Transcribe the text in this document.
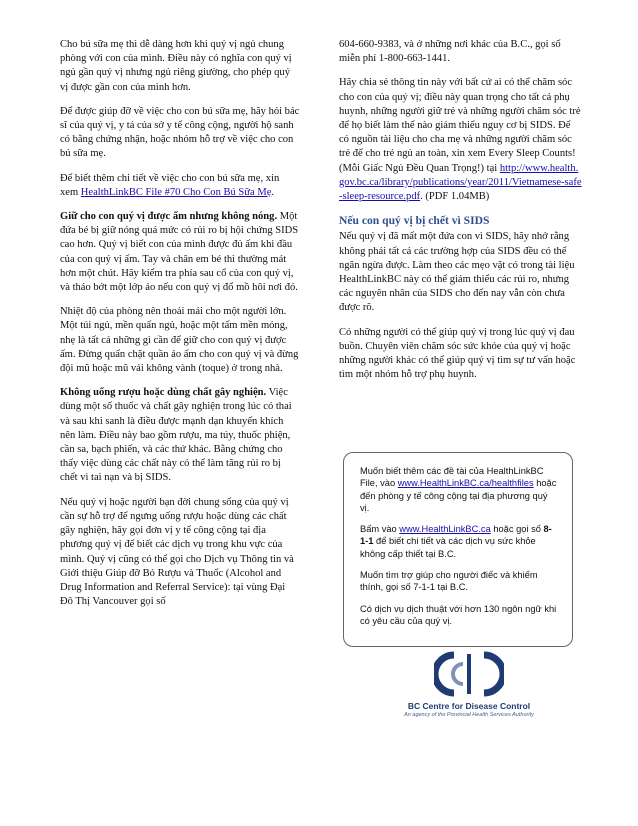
Cho bú sữa mẹ thì dễ dàng hơn khi quý vị ngủ chung phòng với con của mình. Điều này có nghĩa con quý vị ngủ gần quý vị nhưng ngủ riêng giường, cho phép quý vị được gần con của mình hơn.

Để được giúp đỡ về việc cho con bú sữa mẹ, hãy hỏi bác sĩ của quý vị, y tá của sở y tế công cộng, người hộ sanh có bằng chứng nhận, hoặc nhóm hỗ trợ về việc cho con bú sữa mẹ.

Để biết thêm chi tiết về việc cho con bú sữa mẹ, xin xem HealthLinkBC File #70 Cho Con Bú Sữa Mẹ.

Giữ cho con quý vị được ấm nhưng không nóng. Một đứa bé bị giữ nóng quá mức có rủi ro bị hội chứng SIDS cao hơn. Quý vị biết con của mình được đủ ấm khi đầu của con quý vị ấm. Tay và chân em bé thì thường mát hơn một chút. Hãy kiểm tra phía sau cổ của con quý vị, và tháo bớt một lớp áo nếu con quý vị đổ mồ hôi nơi đó.

Nhiệt độ của phòng nên thoải mái cho một người lớn. Một túi ngủ, mền quấn ngủ, hoặc một tấm mền mỏng, nhẹ là tất cả những gì cần để giữ cho con quý vị được ấm. Đừng quấn chặt quần áo ấm cho con quý vị và đừng đội mũ hoặc mũ vải không vành (toque) ở trong nhà.

Không uống rượu hoặc dùng chất gây nghiện. Việc dùng một số thuốc và chất gây nghiện trong lúc có thai và sau khi sanh là điều được mạnh dạn khuyến khích nên làm. Điều này bao gồm rượu, ma túy, thuốc phiện, cần sa, bạch phiến, và các thứ khác. Bằng chứng cho thấy việc dùng các chất này có thể làm tăng rủi ro bị chết vì tai nạn và bị SIDS.

Nếu quý vị hoặc người bạn đời chung sống của quý vị cần sự hỗ trợ để ngưng uống rượu hoặc dùng các chất gây nghiện, hãy gọi đơn vị y tế công cộng tại địa phương quý vị để biết các dịch vụ trong khu vực của mình. Quý vị cũng có thể gọi cho Dịch vụ Thông tin và Giới thiệu Giúp đỡ Bỏ Rượu và Thuốc (Alcohol and Drug Information and Referral Service): tại vùng Đại Đô Thị Vancouver gọi số

604-660-9383, và ở những nơi khác của B.C., gọi số miễn phí 1-800-663-1441.

Hãy chia sẻ thông tin này với bất cứ ai có thể chăm sóc cho con của quý vị; điều này quan trọng cho tất cả phụ huynh, những người giữ trẻ và những người chăm sóc trẻ để họ biết làm thế nào giảm thiểu nguy cơ bị SIDS. Để có nguồn tài liệu cho cha mẹ và những người chăm sóc trẻ để cho trẻ ngủ an toàn, xin xem Every Sleep Counts! (Mỗi Giấc Ngủ Đều Quan Trọng!) tại http://www.health.gov.bc.ca/library/publications/year/2011/Vietnamese-safe-sleep-resource.pdf. (PDF 1.04MB)

Nếu con quý vị bị chết vì SIDS

Nếu quý vị đã mất một đứa con vì SIDS, hãy nhớ rằng không phải tất cả các trường hợp của SIDS đều có thể ngăn ngừa được. Làm theo các mẹo vặt có trong tài liệu HealthLinkBC này có thể giảm thiểu các rủi ro, nhưng các nguyên nhân của SIDS cho đến nay vẫn còn chưa được rõ.

Có những người có thể giúp quý vị trong lúc quý vị đau buồn. Chuyên viên chăm sóc sức khỏe của quý vị hoặc những người khác có thể giúp quý vị tìm sự tư vấn hoặc tìm một nhóm hỗ trợ phụ huynh.

Muốn biết thêm các đề tài của HealthLinkBC File, vào www.HealthLinkBC.ca/healthfiles hoặc đến phòng y tế công cộng tại địa phương quý vị.

Bấm vào www.HealthLinkBC.ca hoặc gọi số 8-1-1 để biết chi tiết và các dịch vụ sức khỏe không cấp thiết tại B.C.

Muốn tìm trợ giúp cho người điếc và khiếm thính, gọi số 7-1-1 tại B.C.

Có dịch vụ dịch thuật với hơn 130 ngôn ngữ khi có yêu cầu của quý vị.

BC Centre for Disease Control
An agency of the Provincial Health Services Authority
